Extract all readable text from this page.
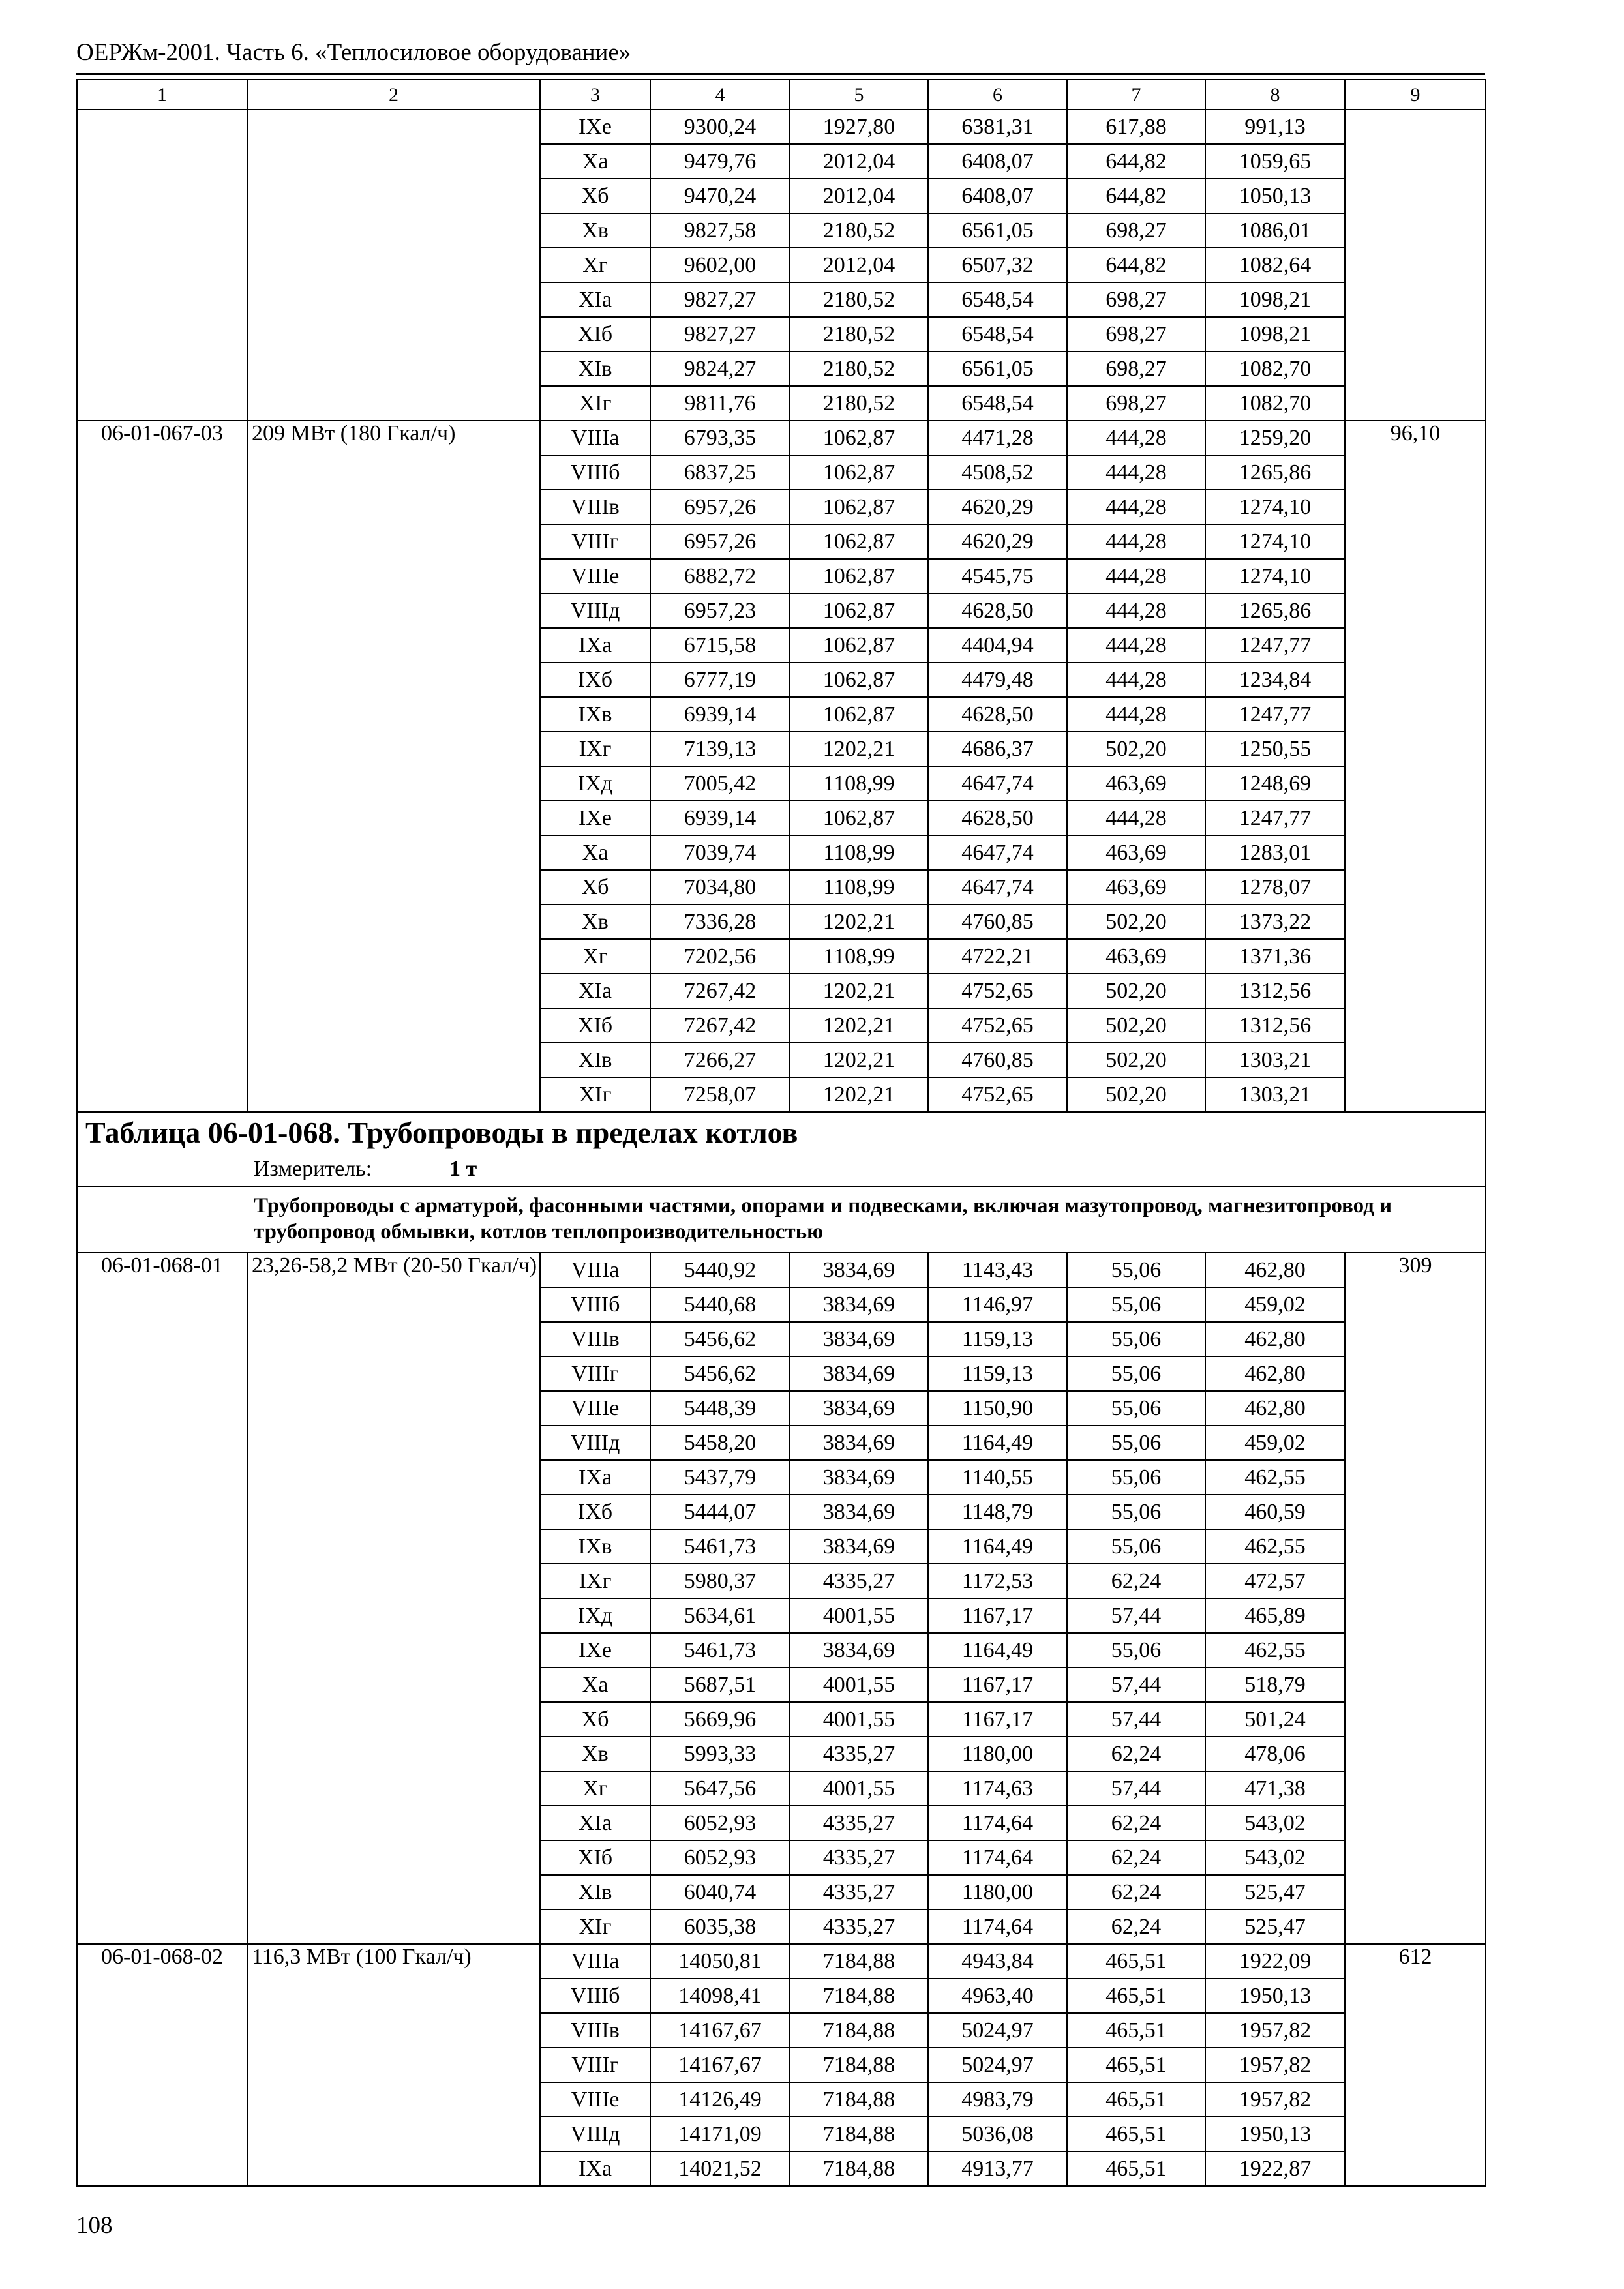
ОЕРЖм-2001. Часть 6. «Теплосиловое оборудование»
1	2	3	4	5	6	7	8	9
		IXе	9300,24	1927,80	6381,31	617,88	991,13	
		Xа	9479,76	2012,04	6408,07	644,82	1059,65	
		Xб	9470,24	2012,04	6408,07	644,82	1050,13	
		Xв	9827,58	2180,52	6561,05	698,27	1086,01	
		Xг	9602,00	2012,04	6507,32	644,82	1082,64	
		XIа	9827,27	2180,52	6548,54	698,27	1098,21	
		XIб	9827,27	2180,52	6548,54	698,27	1098,21	
		XIв	9824,27	2180,52	6561,05	698,27	1082,70	
		XIг	9811,76	2180,52	6548,54	698,27	1082,70	
06-01-067-03	209 МВт (180 Гкал/ч)	VIIIа	6793,35	1062,87	4471,28	444,28	1259,20	96,10
		VIIIб	6837,25	1062,87	4508,52	444,28	1265,86	
		VIIIв	6957,26	1062,87	4620,29	444,28	1274,10	
		VIIIг	6957,26	1062,87	4620,29	444,28	1274,10	
		VIIIе	6882,72	1062,87	4545,75	444,28	1274,10	
		VIIIд	6957,23	1062,87	4628,50	444,28	1265,86	
		IXа	6715,58	1062,87	4404,94	444,28	1247,77	
		IXб	6777,19	1062,87	4479,48	444,28	1234,84	
		IXв	6939,14	1062,87	4628,50	444,28	1247,77	
		IXг	7139,13	1202,21	4686,37	502,20	1250,55	
		IXд	7005,42	1108,99	4647,74	463,69	1248,69	
		IXе	6939,14	1062,87	4628,50	444,28	1247,77	
		Xа	7039,74	1108,99	4647,74	463,69	1283,01	
		Xб	7034,80	1108,99	4647,74	463,69	1278,07	
		Xв	7336,28	1202,21	4760,85	502,20	1373,22	
		Xг	7202,56	1108,99	4722,21	463,69	1371,36	
		XIа	7267,42	1202,21	4752,65	502,20	1312,56	
		XIб	7267,42	1202,21	4752,65	502,20	1312,56	
		XIв	7266,27	1202,21	4760,85	502,20	1303,21	
		XIг	7258,07	1202,21	4752,65	502,20	1303,21	
Таблица 06-01-068. Трубопроводы в пределах котлов								
Измеритель: 1 т								

Трубопроводы с арматурой, фасонными частями, опорами и подвесками, включая мазутопровод, магнезитопровод и трубопровод обмывки, котлов теплопроизводительностью								

06-01-068-01	23,26-58,2 МВт (20-50 Гкал/ч)	VIIIа	5440,92	3834,69	1143,43	55,06	462,80	309
		VIIIб	5440,68	3834,69	1146,97	55,06	459,02	
		VIIIв	5456,62	3834,69	1159,13	55,06	462,80	
		VIIIг	5456,62	3834,69	1159,13	55,06	462,80	
		VIIIе	5448,39	3834,69	1150,90	55,06	462,80	
		VIIIд	5458,20	3834,69	1164,49	55,06	459,02	
		IXа	5437,79	3834,69	1140,55	55,06	462,55	
		IXб	5444,07	3834,69	1148,79	55,06	460,59	
		IXв	5461,73	3834,69	1164,49	55,06	462,55	
		IXг	5980,37	4335,27	1172,53	62,24	472,57	
		IXд	5634,61	4001,55	1167,17	57,44	465,89	
		IXе	5461,73	3834,69	1164,49	55,06	462,55	
		Xа	5687,51	4001,55	1167,17	57,44	518,79	
		Xб	5669,96	4001,55	1167,17	57,44	501,24	
		Xв	5993,33	4335,27	1180,00	62,24	478,06	
		Xг	5647,56	4001,55	1174,63	57,44	471,38	
		XIа	6052,93	4335,27	1174,64	62,24	543,02	
		XIб	6052,93	4335,27	1174,64	62,24	543,02	
		XIв	6040,74	4335,27	1180,00	62,24	525,47	
		XIг	6035,38	4335,27	1174,64	62,24	525,47	
06-01-068-02	116,3 МВт (100 Гкал/ч)	VIIIа	14050,81	7184,88	4943,84	465,51	1922,09	612
		VIIIб	14098,41	7184,88	4963,40	465,51	1950,13	
		VIIIв	14167,67	7184,88	5024,97	465,51	1957,82	
		VIIIг	14167,67	7184,88	5024,97	465,51	1957,82	
		VIIIе	14126,49	7184,88	4983,79	465,51	1957,82	
		VIIIд	14171,09	7184,88	5036,08	465,51	1950,13	
		IXа	14021,52	7184,88	4913,77	465,51	1922,87	
108
